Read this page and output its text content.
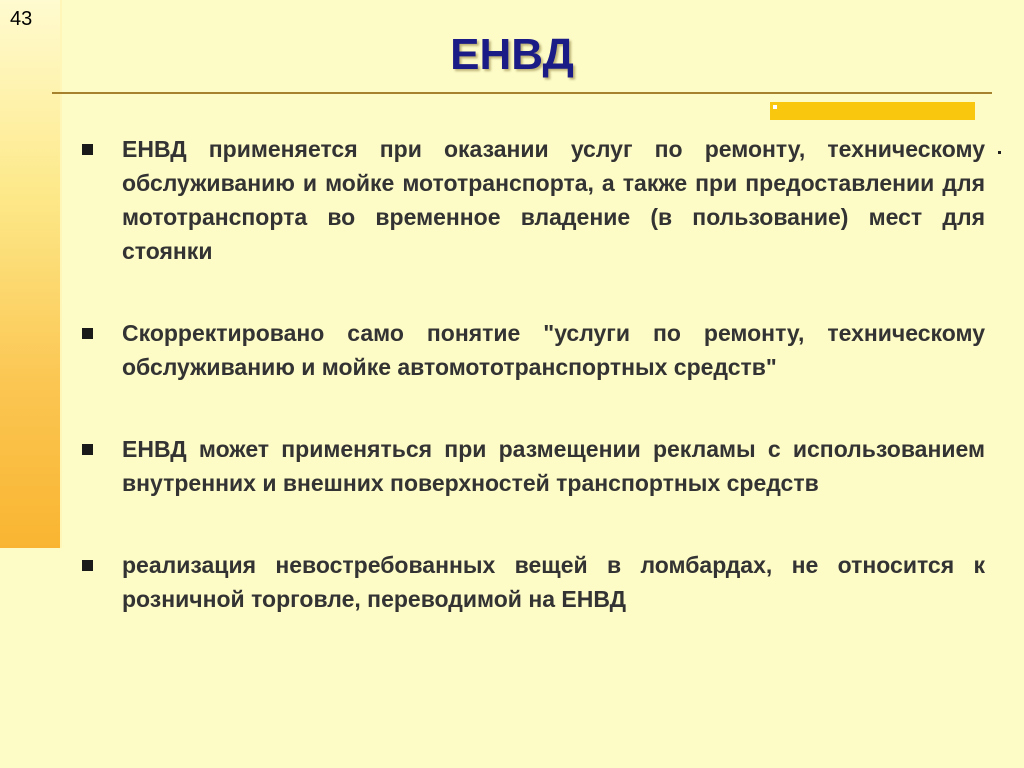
43
ЕНВД
ЕНВД применяется при оказании услуг по ремонту, техническому обслуживанию и мойке мототранспорта, а также при предоставлении для мототранспорта во временное владение (в пользование) мест для стоянки
Скорректировано само понятие "услуги по ремонту, техническому обслуживанию и мойке автомототранспортных средств"
ЕНВД может применяться при размещении рекламы с использованием внутренних и внешних поверхностей транспортных средств
реализация невостребованных вещей в ломбардах, не относится к розничной торговле, переводимой на ЕНВД
